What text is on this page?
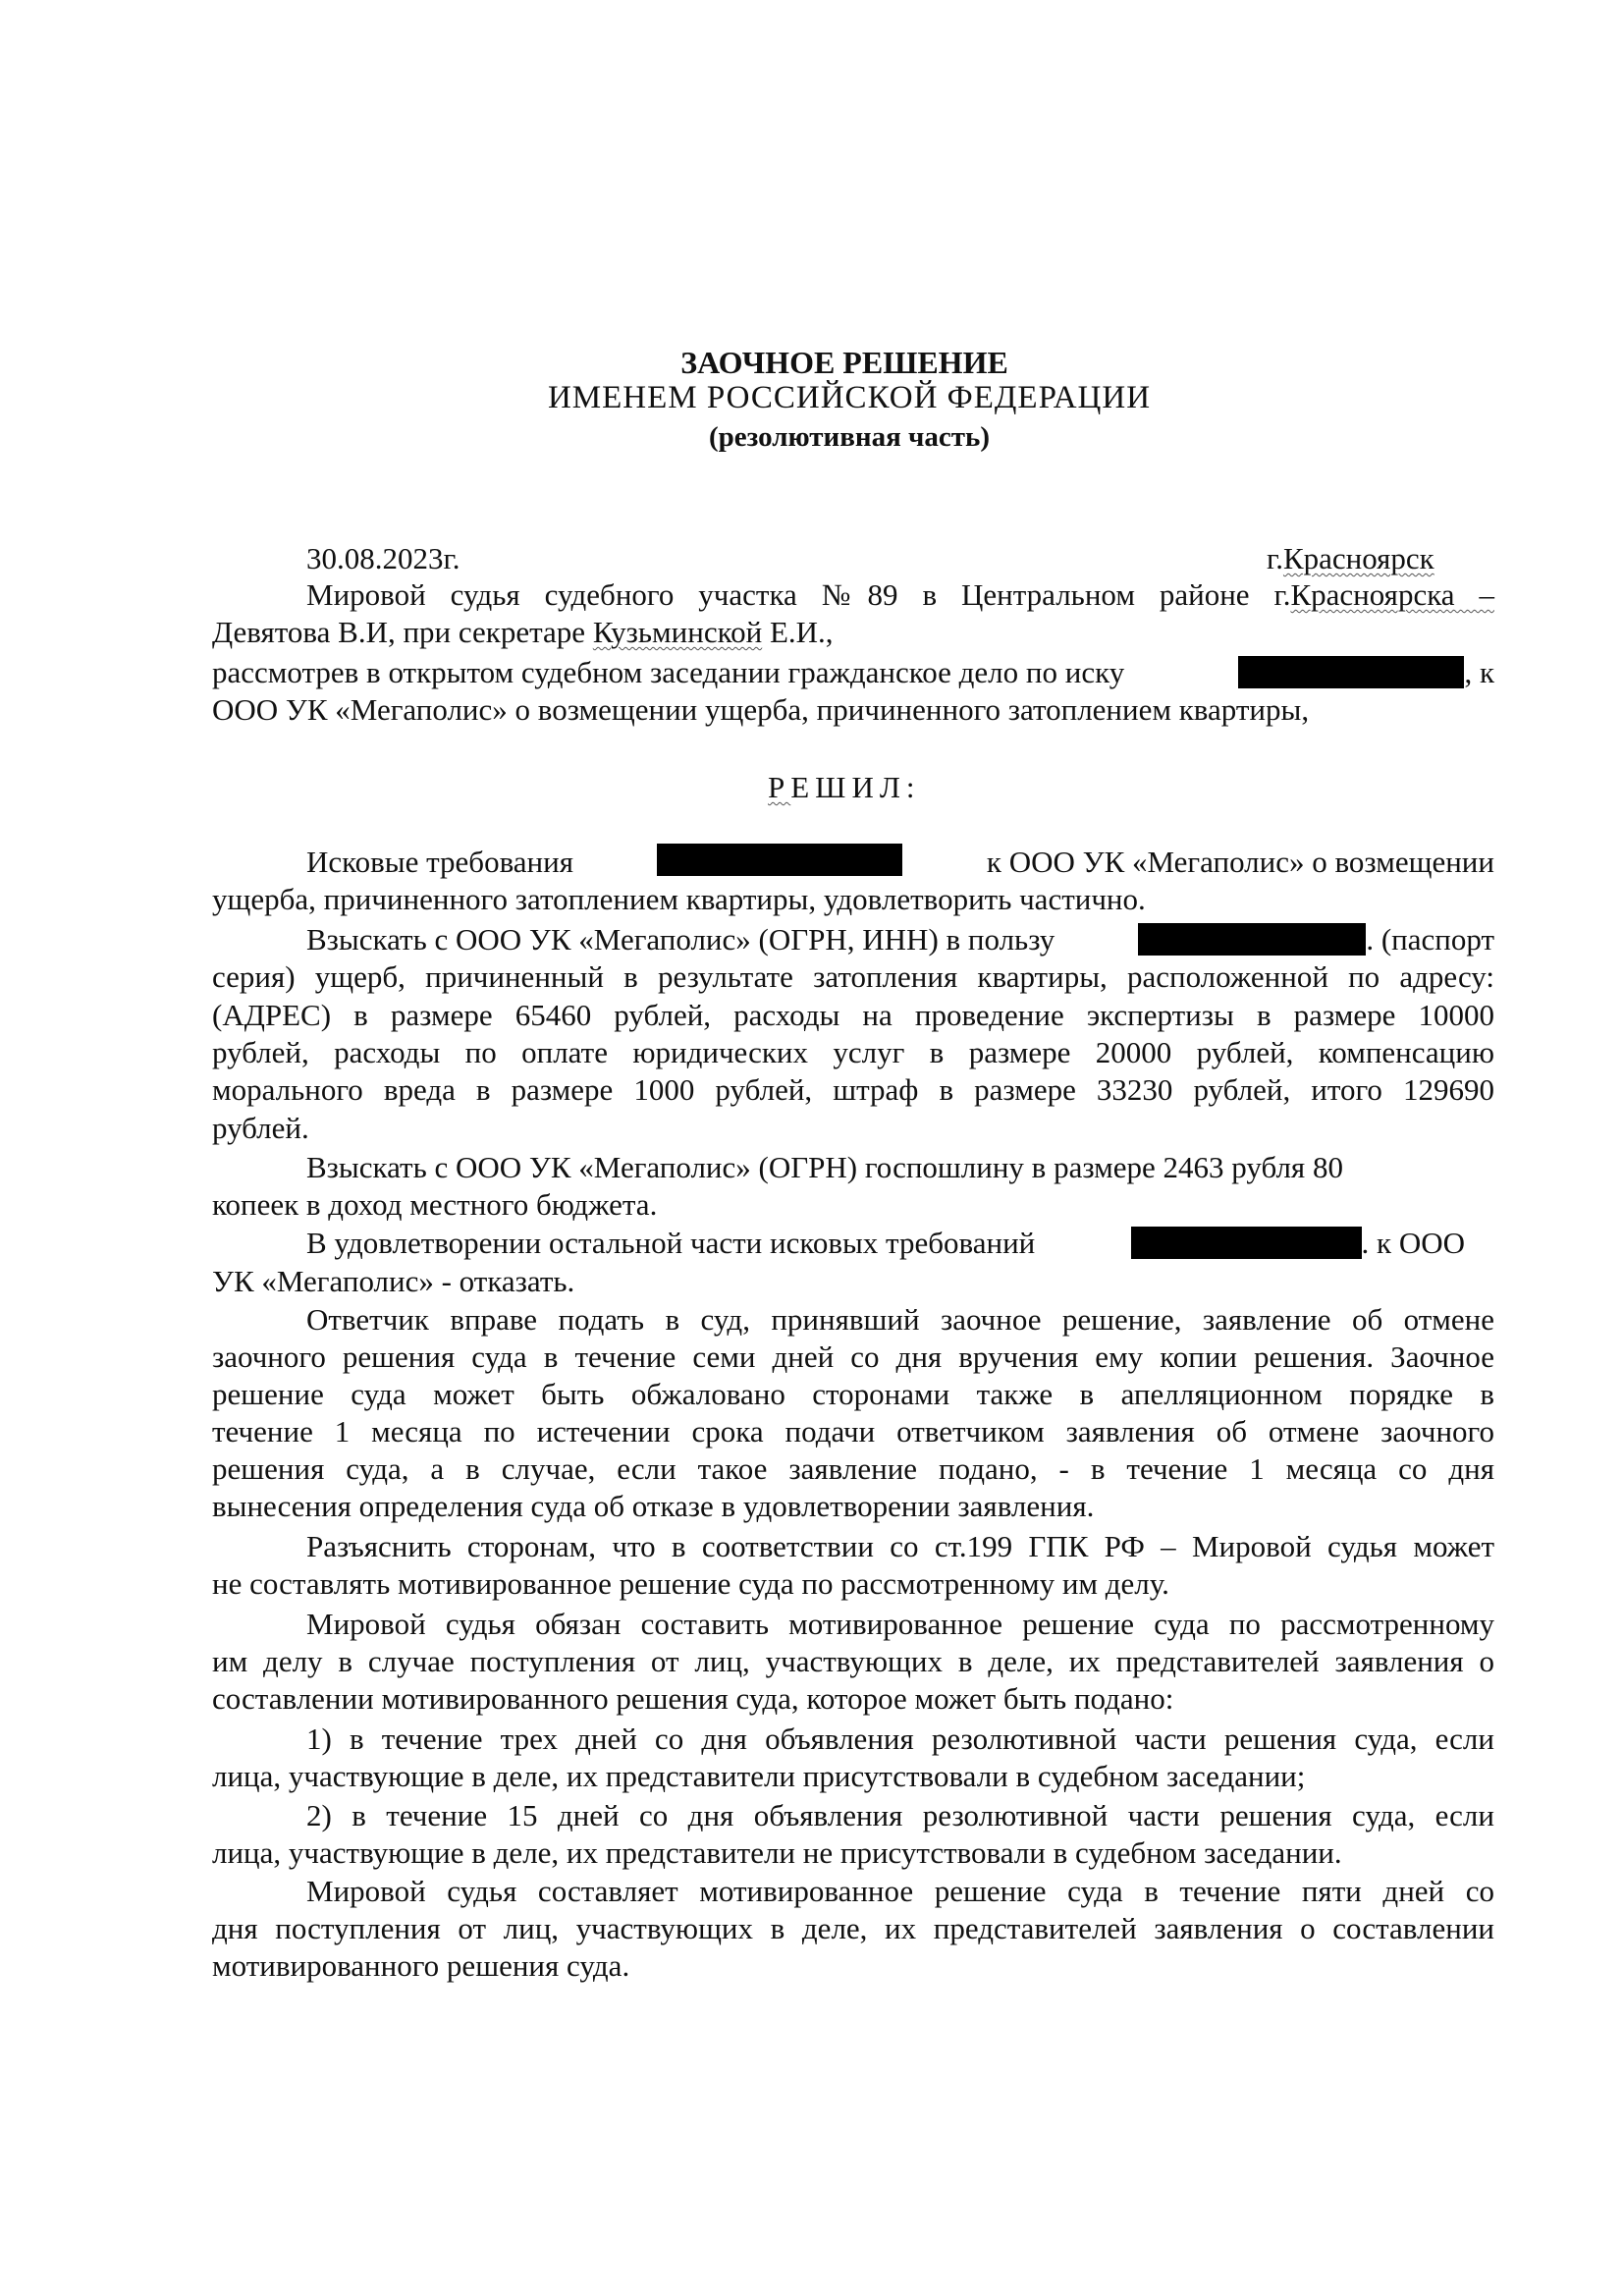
ЗАОЧНОЕ РЕШЕНИЕ
ИМЕНЕМ РОССИЙСКОЙ ФЕДЕРАЦИИ
(резолютивная часть)
30.08.2023г.	г.Красноярск
Мировой судья судебного участка №89 в Центральном районе г.Красноярска –
Девятова В.И, при секретаре Кузьминской Е.И.,
рассмотрев в открытом судебном заседании гражданское дело по иску	, к
ООО УК «Мегаполис» о возмещении ущерба, причиненного затоплением квартиры,
РЕШИЛ:
Исковые требования	к ООО УК «Мегаполис» о возмещении
ущерба, причиненного затоплением квартиры, удовлетворить частично.
Взыскать с ООО УК «Мегаполис» (ОГРН, ИНН) в пользу	. (паспорт
серия) ущерб, причиненный в результате затопления квартиры, расположенной по адресу:
(АДРЕС) в размере 65460 рублей, расходы на проведение экспертизы в размере 10000
рублей, расходы по оплате юридических услуг в размере 20000 рублей, компенсацию
морального вреда в размере 1000 рублей, штраф в размере 33230 рублей, итого 129690
рублей.
Взыскать с ООО УК «Мегаполис» (ОГРН) госпошлину в размере 2463 рубля 80
копеек в доход местного бюджета.
В удовлетворении остальной части исковых требований	. к ООО
УК «Мегаполис» - отказать.
Ответчик вправе подать в суд, принявший заочное решение, заявление об отмене
заочного решения суда в течение семи дней со дня вручения ему копии решения. Заочное
решение суда может быть обжаловано сторонами также в апелляционном порядке в
течение 1 месяца по истечении срока подачи ответчиком заявления об отмене заочного
решения суда, а в случае, если такое заявление подано, - в течение 1 месяца со дня
вынесения определения суда об отказе в удовлетворении заявления.
Разъяснить сторонам, что в соответствии со ст.199 ГПК РФ – Мировой судья может
не составлять мотивированное решение суда по рассмотренному им делу.
Мировой судья обязан составить мотивированное решение суда по рассмотренному
им делу в случае поступления от лиц, участвующих в деле, их представителей заявления о
составлении мотивированного решения суда, которое может быть подано:
1) в течение трех дней со дня объявления резолютивной части решения суда, если
лица, участвующие в деле, их представители присутствовали в судебном заседании;
2) в течение 15 дней со дня объявления резолютивной части решения суда, если
лица, участвующие в деле, их представители не присутствовали в судебном заседании.
Мировой судья составляет мотивированное решение суда в течение пяти дней со
дня поступления от лиц, участвующих в деле, их представителей заявления о составлении
мотивированного решения суда.
